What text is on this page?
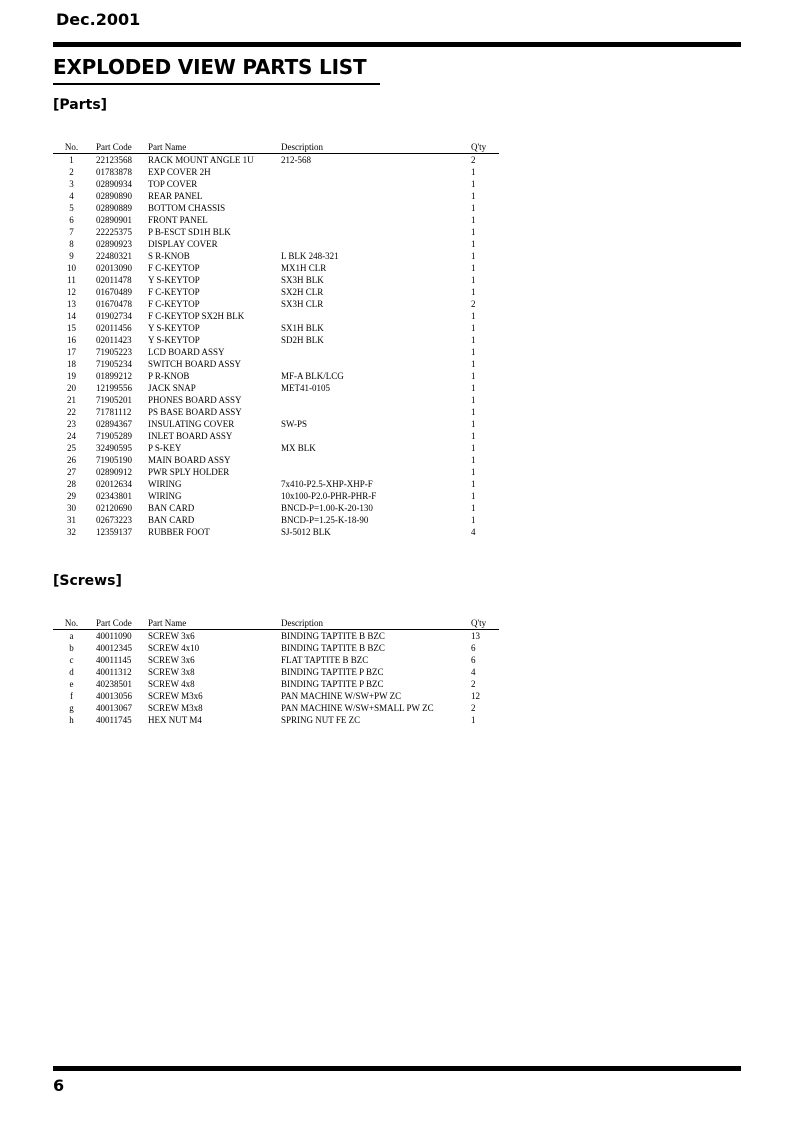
Dec.2001
EXPLODED VIEW PARTS LIST
[Parts]
No.	Part Code	Part Name	Description	Q'ty
1	22123568	RACK MOUNT ANGLE 1U	212-568	2
2	01783878	EXP COVER 2H		1
3	02890934	TOP COVER		1
4	02890890	REAR PANEL		1
5	02890889	BOTTOM CHASSIS		1
6	02890901	FRONT PANEL		1
7	22225375	P B-ESCT SD1H BLK		1
8	02890923	DISPLAY COVER		1
9	22480321	S R-KNOB	L BLK 248-321	1
10	02013090	F C-KEYTOP	MX1H CLR	1
11	02011478	Y S-KEYTOP	SX3H BLK	1
12	01670489	F C-KEYTOP	SX2H CLR	1
13	01670478	F C-KEYTOP	SX3H CLR	2
14	01902734	F C-KEYTOP SX2H BLK		1
15	02011456	Y S-KEYTOP	SX1H BLK	1
16	02011423	Y S-KEYTOP	SD2H BLK	1
17	71905223	LCD BOARD ASSY		1
18	71905234	SWITCH BOARD ASSY		1
19	01899212	P R-KNOB	MF-A BLK/LCG	1
20	12199556	JACK SNAP	MET41-0105	1
21	71905201	PHONES BOARD ASSY		1
22	71781112	PS BASE BOARD ASSY		1
23	02894367	INSULATING COVER	SW-PS	1
24	71905289	INLET BOARD ASSY		1
25	32490595	P S-KEY	MX BLK	1
26	71905190	MAIN BOARD ASSY		1
27	02890912	PWR SPLY HOLDER		1
28	02012634	WIRING	7x410-P2.5-XHP-XHP-F	1
29	02343801	WIRING	10x100-P2.0-PHR-PHR-F	1
30	02120690	BAN CARD	BNCD-P=1.00-K-20-130	1
31	02673223	BAN CARD	BNCD-P=1.25-K-18-90	1
32	12359137	RUBBER FOOT	SJ-5012 BLK	4
[Screws]
No.	Part Code	Part Name	Description	Q'ty
a	40011090	SCREW 3x6	BINDING TAPTITE B BZC	13
b	40012345	SCREW 4x10	BINDING TAPTITE B BZC	6
c	40011145	SCREW 3x6	FLAT TAPTITE B BZC	6
d	40011312	SCREW 3x8	BINDING TAPTITE P BZC	4
e	40238501	SCREW 4x8	BINDING TAPTITE P BZC	2
f	40013056	SCREW M3x6	PAN MACHINE W/SW+PW ZC	12
g	40013067	SCREW M3x8	PAN MACHINE W/SW+SMALL PW ZC	2
h	40011745	HEX NUT M4	SPRING NUT FE ZC	1
6
